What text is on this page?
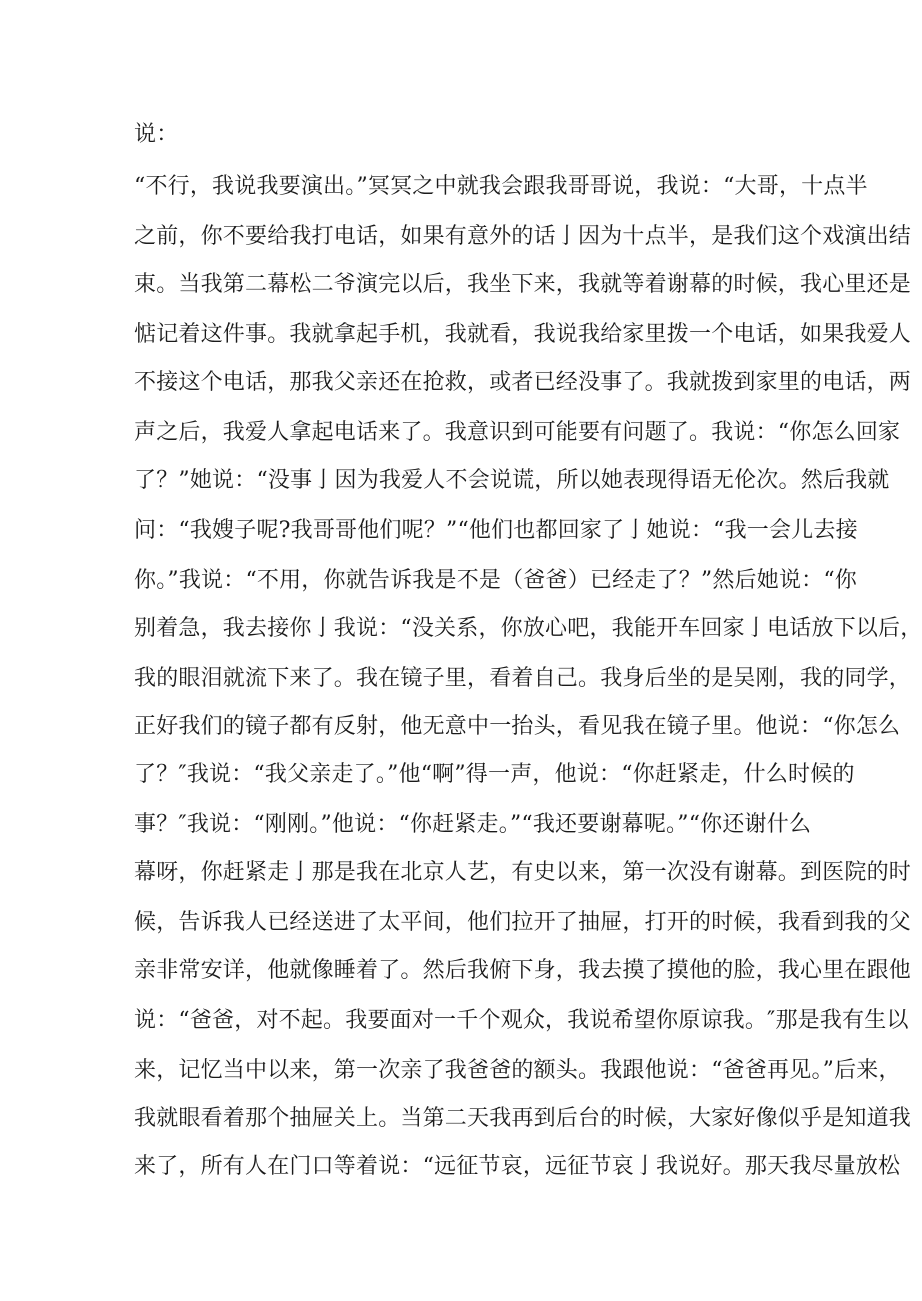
说：
“不行，我说我要演出。”冥冥之中就我会跟我哥哥说，我说：“大哥，十点半
之前，你不要给我打电话，如果有意外的话亅因为十点半，是我们这个戏演出结
束。当我第二幕松二爷演完以后，我坐下来，我就等着谢幕的时候，我心里还是
惦记着这件事。我就拿起手机，我就看，我说我给家里拨一个电话，如果我爱人
不接这个电话，那我父亲还在抢救，或者已经没事了。我就拨到家里的电话，两
声之后，我爱人拿起电话来了。我意识到可能要有问题了。我说：“你怎么回家
了？”她说：“没事亅因为我爱人不会说谎，所以她表现得语无伦次。然后我就
问：“我嫂子呢?我哥哥他们呢？”“他们也都回家了亅她说：“我一会儿去接
你。”我说：“不用，你就告诉我是不是（爸爸）已经走了？”然后她说：“你
别着急，我去接你亅我说：“没关系，你放心吧，我能开车回家亅电话放下以后，
我的眼泪就流下来了。我在镜子里，看着自己。我身后坐的是吴刚，我的同学，
正好我们的镜子都有反射，他无意中一抬头，看见我在镜子里。他说：“你怎么
了？″我说：“我父亲走了。”他“啊”得一声，他说：“你赶紧走，什么时候的
事？″我说：“刚刚。”他说：“你赶紧走。”“我还要谢幕呢。”“你还谢什么
幕呀，你赶紧走亅那是我在北京人艺，有史以来，第一次没有谢幕。到医院的时
候，告诉我人已经送进了太平间，他们拉开了抽屉，打开的时候，我看到我的父
亲非常安详，他就像睡着了。然后我俯下身，我去摸了摸他的脸，我心里在跟他
说：“爸爸，对不起。我要面对一千个观众，我说希望你原谅我。″那是我有生以
来，记忆当中以来，第一次亲了我爸爸的额头。我跟他说：“爸爸再见。”后来，
我就眼看着那个抽屉关上。当第二天我再到后台的时候，大家好像似乎是知道我
来了，所有人在门口等着说：“远征节哀，远征节哀亅我说好。那天我尽量放松
